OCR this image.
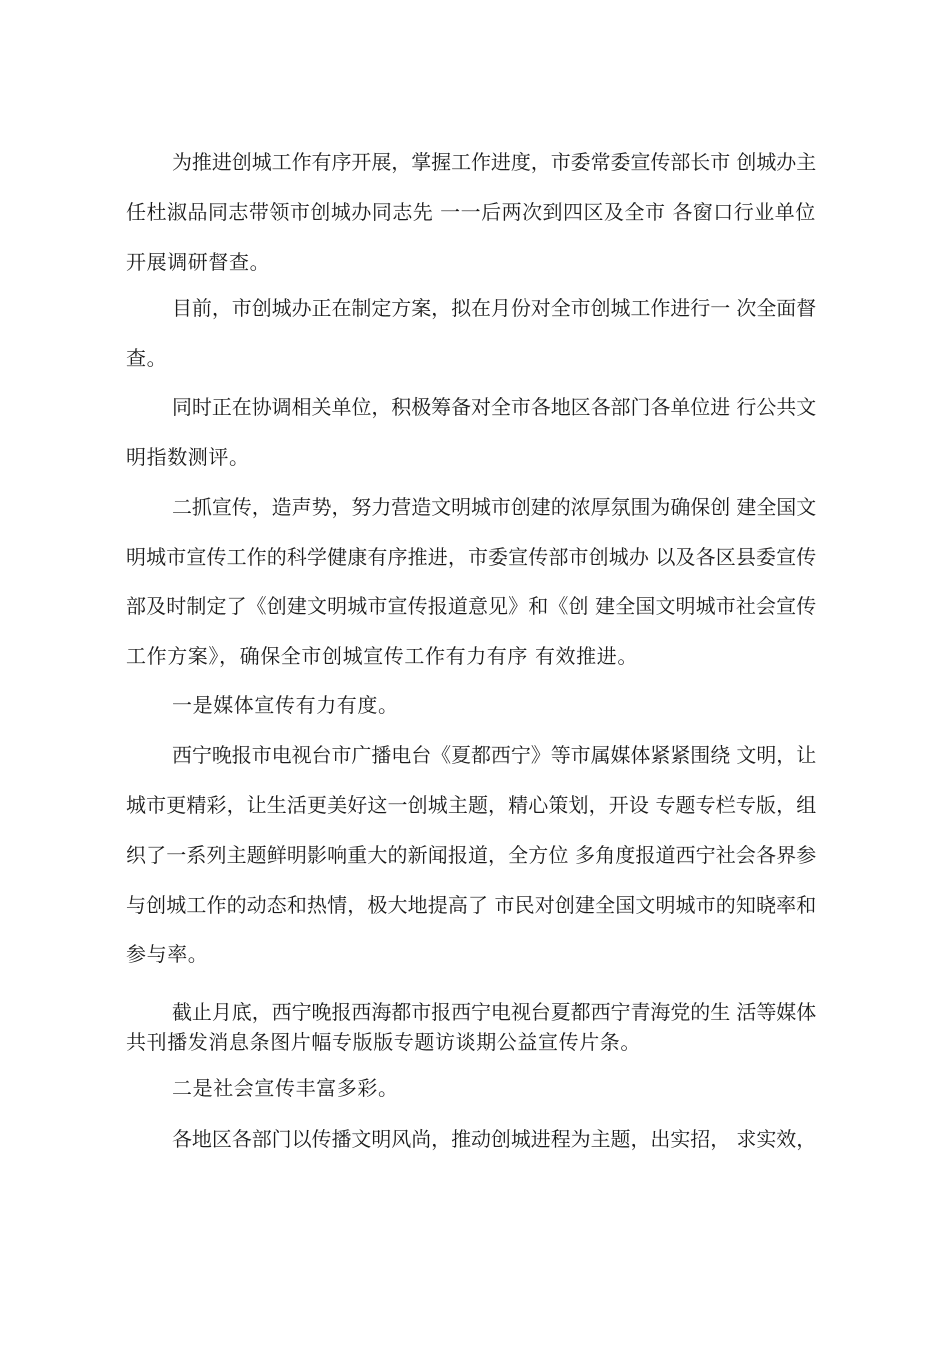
为推进创城工作有序开展，掌握工作进度，市委常委宣传部长市 创城办主
任杜淑品同志带领市创城办同志先 一一后两次到四区及全市 各窗口行业单位
开展调研督查。
目前，市创城办正在制定方案，拟在月份对全市创城工作进行一 次全面督
查。
同时正在协调相关单位，积极筹备对全市各地区各部门各单位进 行公共文
明指数测评。
二抓宣传，造声势，努力营造文明城市创建的浓厚氛围为确保创 建全国文
明城市宣传工作的科学健康有序推进，市委宣传部市创城办 以及各区县委宣传
部及时制定了《创建文明城市宣传报道意见》和《创 建全国文明城市社会宣传
工作方案》，确保全市创城宣传工作有力有序 有效推进。
一是媒体宣传有力有度。
西宁晚报市电视台市广播电台《夏都西宁》等市属媒体紧紧围绕 文明，让
城市更精彩，让生活更美好这一创城主题，精心策划，开设 专题专栏专版，组
织了一系列主题鲜明影响重大的新闻报道，全方位 多角度报道西宁社会各界参
与创城工作的动态和热情，极大地提高了 市民对创建全国文明城市的知晓率和
参与率。
截止月底，西宁晚报西海都市报西宁电视台夏都西宁青海党的生 活等媒体
共刊播发消息条图片幅专版版专题访谈期公益宣传片条。
二是社会宣传丰富多彩。
各地区各部门以传播文明风尚，推动创城进程为主题，出实招， 求实效，
